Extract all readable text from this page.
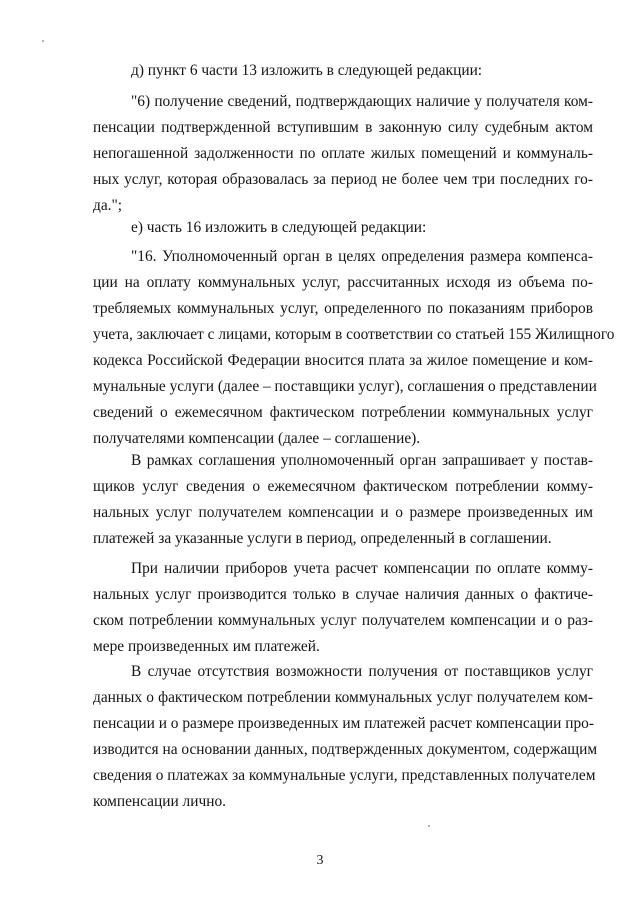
д) пункт 6 части 13 изложить в следующей редакции:
"6) получение сведений, подтверждающих наличие у получателя ком-
пенсации подтвержденной вступившим в законную силу судебным актом
непогашенной задолженности по оплате жилых помещений и коммуналь-
ных услуг, которая образовалась за период не более чем три последних го-
да.";
е) часть 16 изложить в следующей редакции:
"16. Уполномоченный орган в целях определения размера компенса-
ции на оплату коммунальных услуг, рассчитанных исходя из объема по-
требляемых коммунальных услуг, определенного по показаниям приборов
учета, заключает с лицами, которым в соответствии со статьей 155 Жилищного
кодекса Российской Федерации вносится плата за жилое помещение и ком-
мунальные услуги (далее – поставщики услуг), соглашения о представлении
сведений о ежемесячном фактическом потреблении коммунальных услуг
получателями компенсации (далее – соглашение).
В рамках соглашения уполномоченный орган запрашивает у постав-
щиков услуг сведения о ежемесячном фактическом потреблении комму-
нальных услуг получателем компенсации и о размере произведенных им
платежей за указанные услуги в период, определенный в соглашении.
При наличии приборов учета расчет компенсации по оплате комму-
нальных услуг производится только в случае наличия данных о фактиче-
ском потреблении коммунальных услуг получателем компенсации и о раз-
мере произведенных им платежей.
В случае отсутствия возможности получения от поставщиков услуг
данных о фактическом потреблении коммунальных услуг получателем ком-
пенсации и о размере произведенных им платежей расчет компенсации про-
изводится на основании данных, подтвержденных документом, содержащим
сведения о платежах за коммунальные услуги, представленных получателем
компенсации лично.
3
